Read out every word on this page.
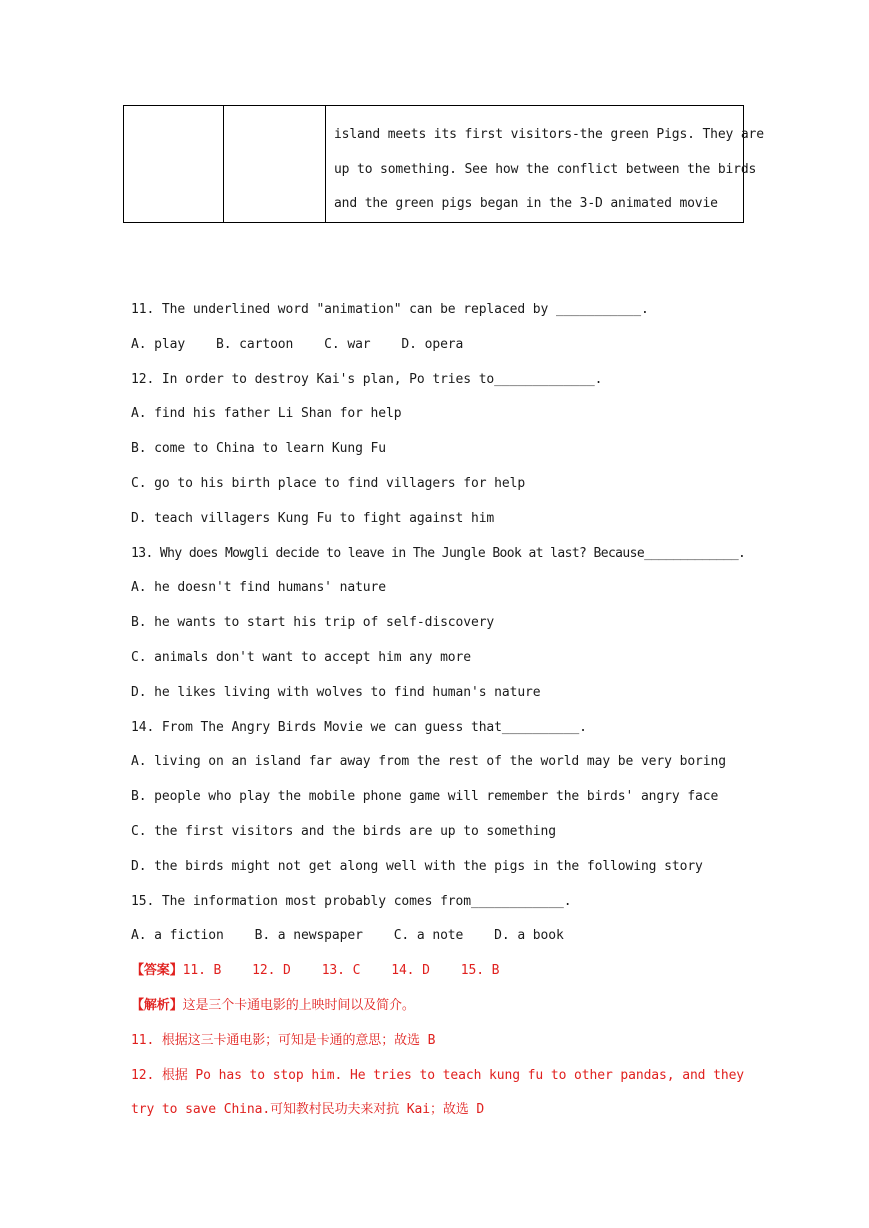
island meets its first visitors-the green Pigs. They are
up to something. See how the conflict between the birds
and the green pigs began in the 3-D animated movie
11. The underlined word "animation" can be replaced by ___________.
A. play    B. cartoon    C. war    D. opera
12. In order to destroy Kai's plan, Po tries to_____________.
A. find his father Li Shan for help
B. come to China to learn Kung Fu
C. go to his birth place to find villagers for help
D. teach villagers Kung Fu to fight against him
13. Why does Mowgli decide to leave in The Jungle Book at last? Because_____________.
A. he doesn't find humans' nature
B. he wants to start his trip of self-discovery
C. animals don't want to accept him any more
D. he likes living with wolves to find human's nature
14. From The Angry Birds Movie we can guess that__________.
A. living on an island far away from the rest of the world may be very boring
B. people who play the mobile phone game will remember the birds' angry face
C. the first visitors and the birds are up to something
D. the birds might not get along well with the pigs in the following story
15. The information most probably comes from____________.
A. a fiction    B. a newspaper    C. a note    D. a book
【答案】11. B    12. D    13. C    14. D    15. B
【解析】这是三个卡通电影的上映时间以及简介。
11. 根据这三卡通电影；可知是卡通的意思；故选 B
12. 根据 Po has to stop him. He tries to teach kung fu to other pandas, and they
try to save China.可知教村民功夫来对抗 Kai；故选 D
